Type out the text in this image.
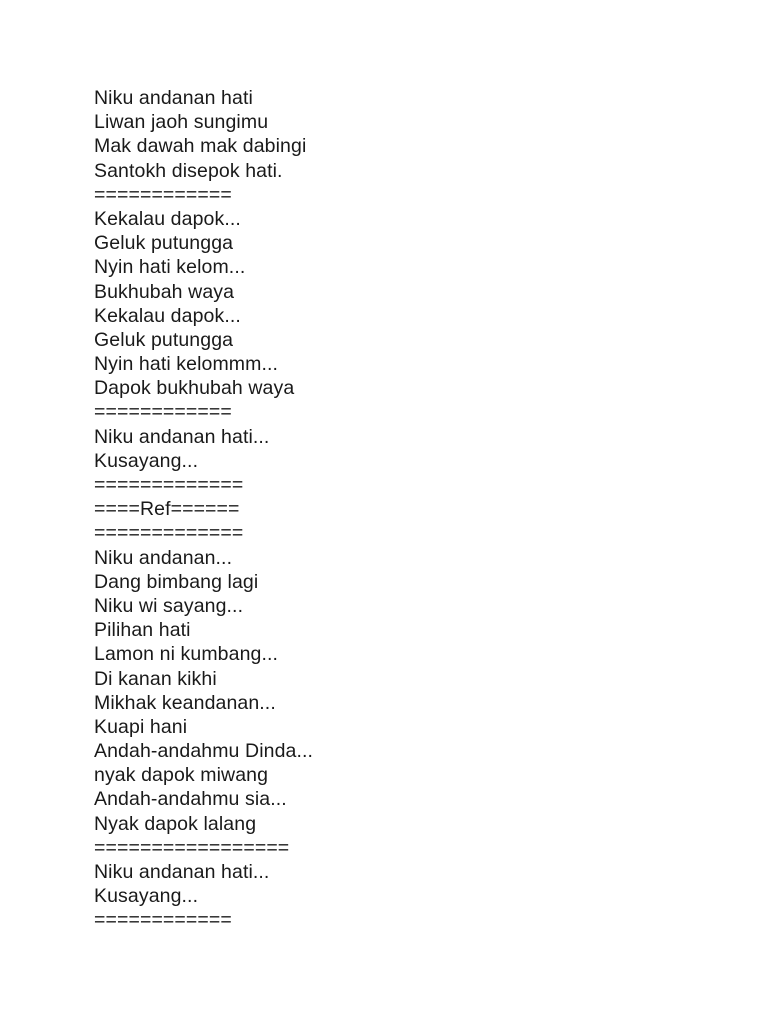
Niku andanan hati
Liwan jaoh sungimu
Mak dawah mak dabingi
Santokh disepok hati.
============
Kekalau dapok...
Geluk putungga
Nyin hati kelom...
Bukhubah waya
Kekalau dapok...
Geluk putungga
Nyin hati kelommm...
Dapok bukhubah waya
============
Niku andanan hati...
Kusayang...
=============
====Ref======
=============
Niku andanan...
Dang bimbang lagi
Niku wi sayang...
Pilihan hati
Lamon ni kumbang...
Di kanan kikhi
Mikhak keandanan...
Kuapi hani
Andah-andahmu Dinda...
nyak dapok miwang
Andah-andahmu sia...
Nyak dapok lalang
=================
Niku andanan hati...
Kusayang...
============
